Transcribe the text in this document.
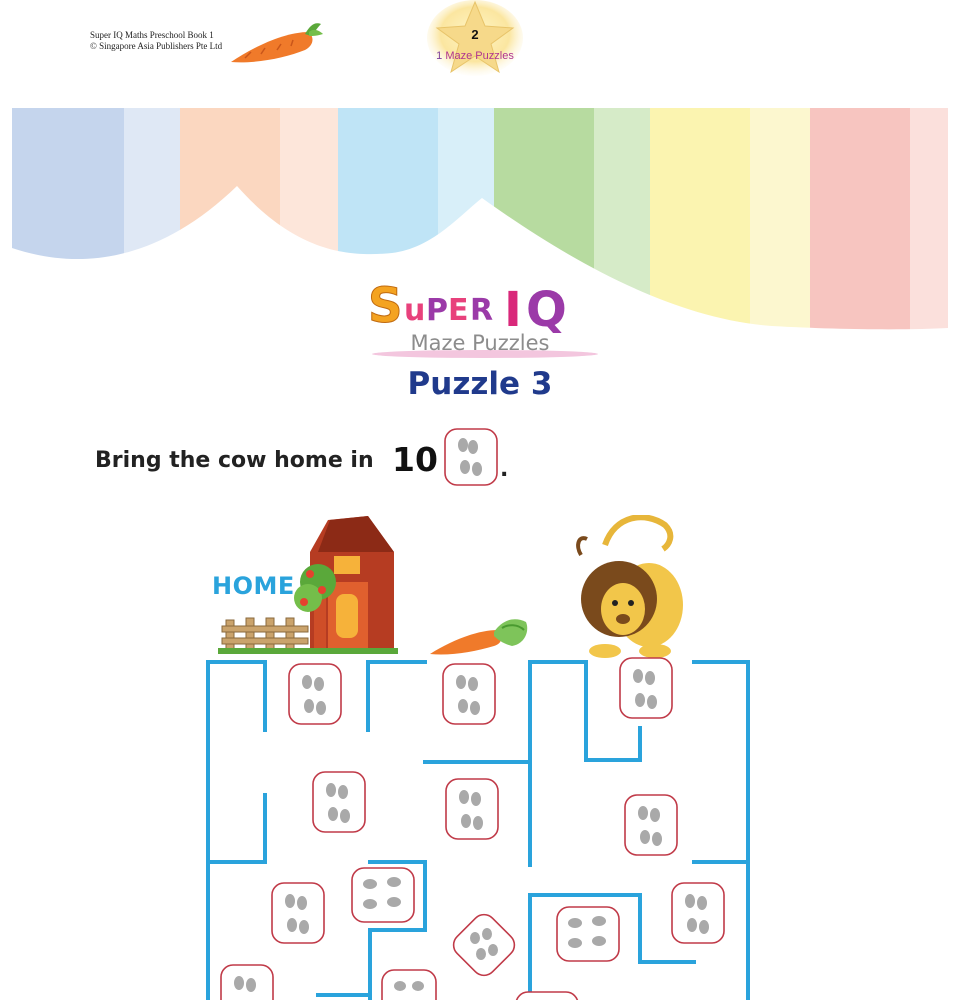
Super IQ Maths Preschool Book 1
© Singapore Asia Publishers Pte Ltd
2
1 Maze Puzzles
S u P E R I Q
Maze Puzzles
Puzzle 3
Bring the cow home in 10	.
HOME
